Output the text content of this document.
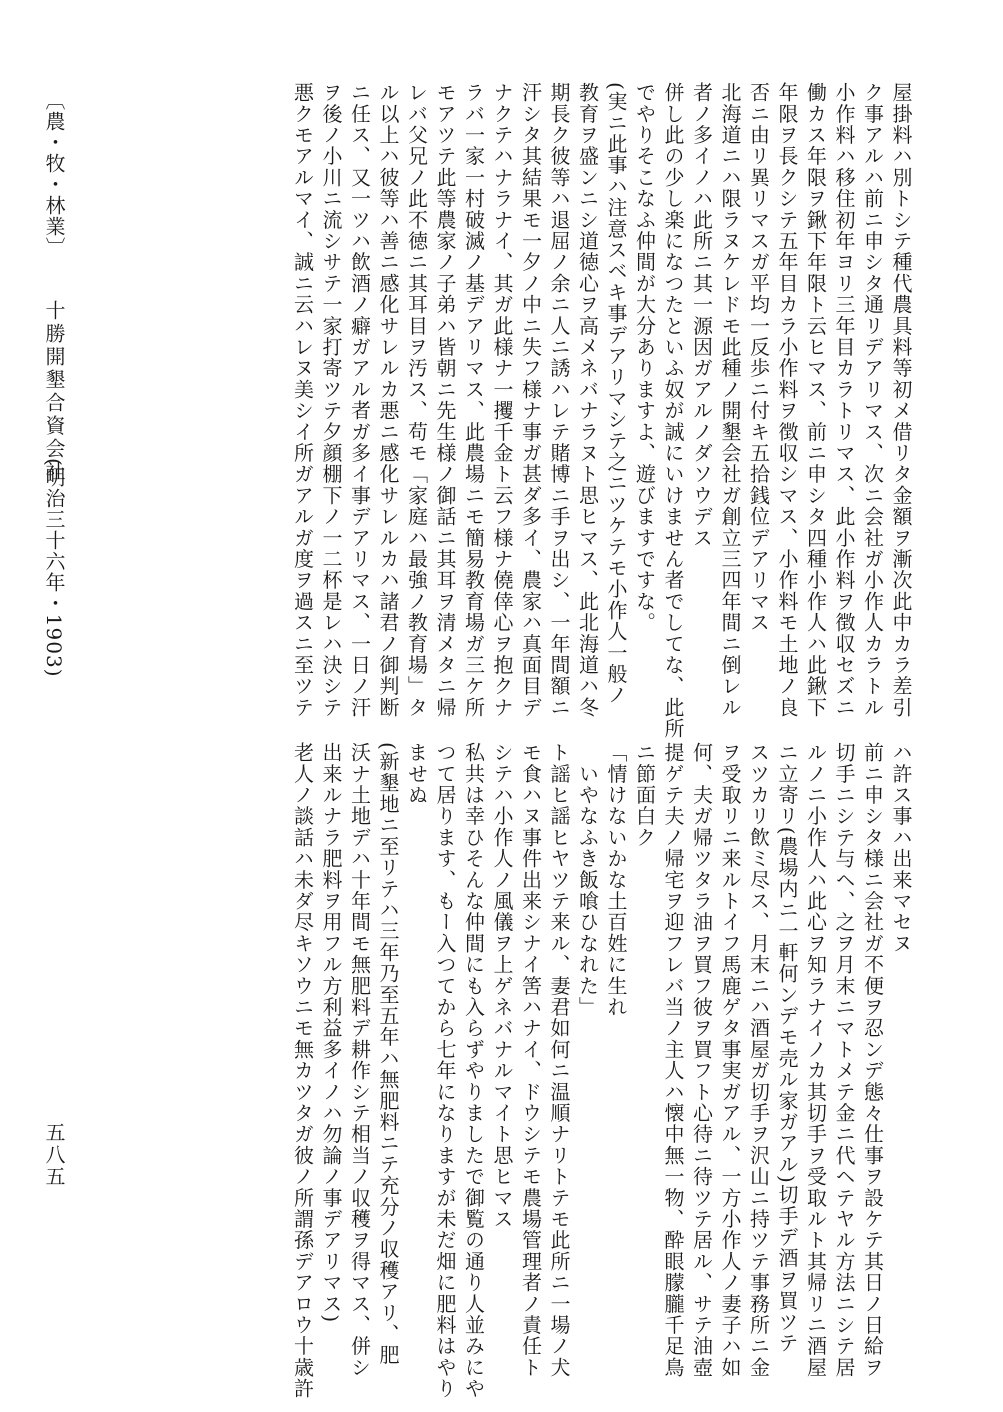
屋掛料ハ別トシテ種代農具料等初メ借リタ金額ヲ漸次此中カラ差引
ク事アルハ前ニ申シタ通リデアリマス、次ニ会社ガ小作人カラトル
小作料ハ移住初年ヨリ三年目カラトリマス、此小作料ヲ徴収セズニ
働カス年限ヲ鍬下年限ト云ヒマス、前ニ申シタ四種小作人ハ此鍬下
年限ヲ長クシテ五年目カラ小作料ヲ徴収シマス、小作料モ土地ノ良
否ニ由リ異リマスガ平均一反歩ニ付キ五拾銭位デアリマス
北海道ニハ限ラヌケレドモ此種ノ開墾会社ガ創立三四年間ニ倒レル
者ノ多イノハ此所ニ其一源因ガアルノダソウデス
併し此の少し楽になつたといふ奴が誠にいけません者でしてな、此所
でやりそこなふ仲間が大分ありますよ、遊びますですな。
(実ニ此事ハ注意スベキ事デアリマシテ之ニツケテモ小作人一般ノ
教育ヲ盛ンニシ道徳心ヲ高メネバナラヌト思ヒマス、此北海道ハ冬
期長ク彼等ハ退屈ノ余ニ人ニ誘ハレテ賭博ニ手ヲ出シ、一年間額ニ
汗シタ其結果モ一夕ノ中ニ失フ様ナ事ガ甚ダ多イ、農家ハ真面目デ
ナクテハナラナイ、其ガ此様ナ一攫千金ト云フ様ナ僥倖心ヲ抱クナ
ラバ一家一村破滅ノ基デアリマス、此農場ニモ簡易教育場ガ三ケ所
モアツテ此等農家ノ子弟ハ皆朝ニ先生様ノ御話ニ其耳ヲ清メタニ帰
レバ父兄ノ此不徳ニ其耳目ヲ汚ス、苟モ「家庭ハ最強ノ教育場」タ
ル以上ハ彼等ハ善ニ感化サレルカ悪ニ感化サレルカハ諸君ノ御判断
ニ任ス、又一ツハ飲酒ノ癖ガアル者ガ多イ事デアリマス、一日ノ汗
ヲ後ノ小川ニ流シサテ一家打寄ツテ夕顔棚下ノ一二杯是レハ決シテ
悪クモアルマイ、誠ニ云ハレヌ美シイ所ガアルガ度ヲ過スニ至ツテ
ハ許ス事ハ出来マセヌ
前ニ申シタ様ニ会社ガ不便ヲ忍ンデ態々仕事ヲ設ケテ其日ノ日給ヲ
切手ニシテ与ヘ、之ヲ月末ニマトメテ金ニ代ヘテヤル方法ニシテ居
ルノニ小作人ハ此心ヲ知ラナイノカ其切手ヲ受取ルト其帰リニ酒屋
ニ立寄リ(農場内ニ一軒何ンデモ売ル家ガアル)切手デ酒ヲ買ツテ
スツカリ飲ミ尽ス、月末ニハ酒屋ガ切手ヲ沢山ニ持ツテ事務所ニ金
ヲ受取リニ来ルトイフ馬鹿ゲタ事実ガアル、一方小作人ノ妻子ハ如
何、夫ガ帰ツタラ油ヲ買フ彼ヲ買フト心待ニ待ツテ居ル、サテ油壺
提ゲテ夫ノ帰宅ヲ迎フレバ当ノ主人ハ懐中無一物、酔眼朦朧千足鳥
ニ節面白ク
「情けないかな土百姓に生れ
　いやなふき飯喰ひなれた」
ト謡ヒ謡ヒヤツテ来ル、妻君如何ニ温順ナリトテモ此所ニ一場ノ犬
モ食ハヌ事件出来シナイ筈ハナイ、ドウシテモ農場管理者ノ責任ト
シテハ小作人ノ風儀ヲ上ゲネバナルマイト思ヒマス
私共は幸ひそんな仲間にも入らずやりましたで御覧の通り人並みにや
つて居ります、もー入つてから七年になりますが未だ畑に肥料はやり
ませぬ
(新墾地ニ至リテハ三年乃至五年ハ無肥料ニテ充分ノ収穫アリ、肥
沃ナ土地デハ十年間モ無肥料デ耕作シテ相当ノ収穫ヲ得マス、併シ
出来ルナラ肥料ヲ用フル方利益多イノハ勿論ノ事デアリマス)
老人ノ談話ハ未ダ尽キソウニモ無カツタガ彼ノ所謂孫デアロウ十歳許
〔農・牧・林業〕
十勝開墾合資会社
(明治三十六年・1903)
五八五
